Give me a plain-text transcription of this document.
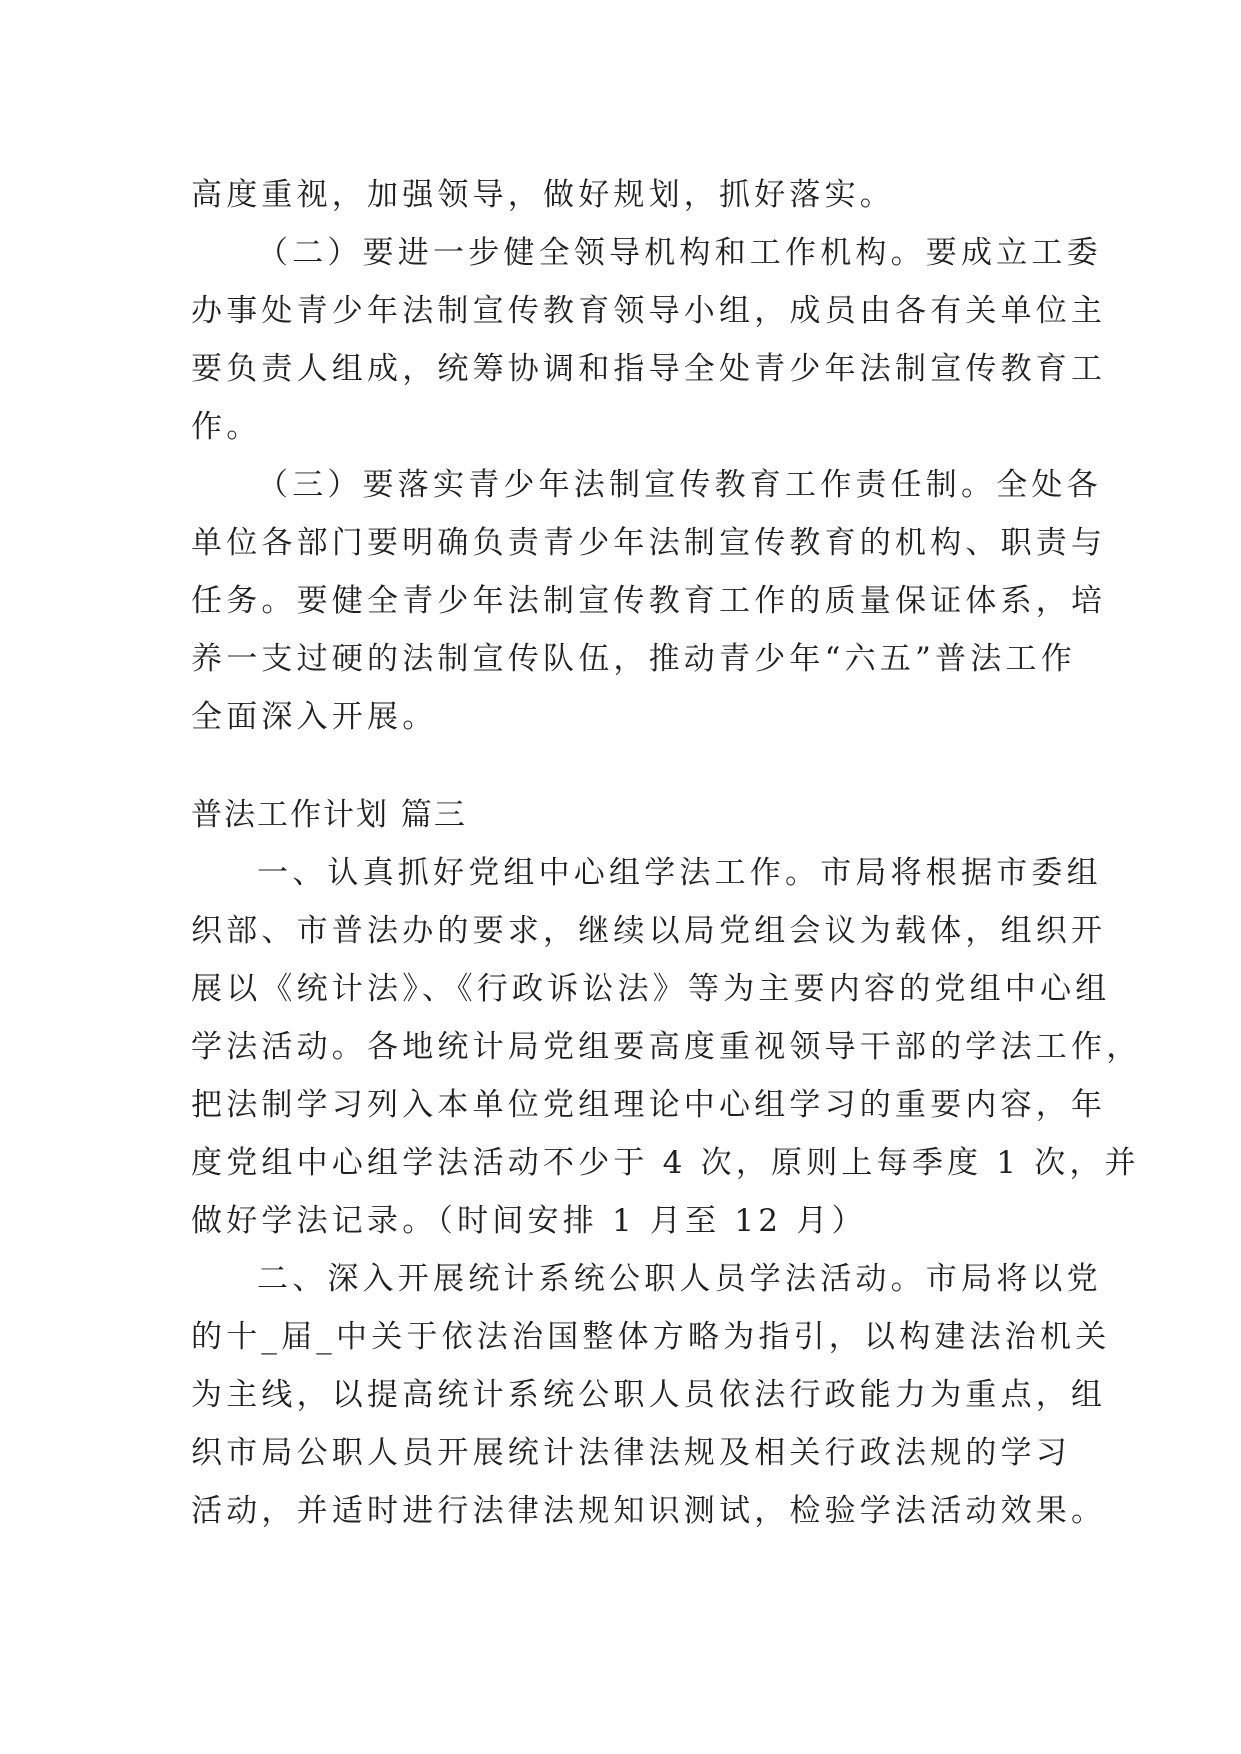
高度重视，加强领导，做好规划，抓好落实。
（二）要进一步健全领导机构和工作机构。要成立工委
办事处青少年法制宣传教育领导小组，成员由各有关单位主
要负责人组成，统筹协调和指导全处青少年法制宣传教育工
作。
（三）要落实青少年法制宣传教育工作责任制。全处各
单位各部门要明确负责青少年法制宣传教育的机构、职责与
任务。要健全青少年法制宣传教育工作的质量保证体系，培
养一支过硬的法制宣传队伍，推动青少年“六五”普法工作
全面深入开展。
普法工作计划 篇三
一、认真抓好党组中心组学法工作。市局将根据市委组
织部、市普法办的要求，继续以局党组会议为载体，组织开
展以《统计法》、《行政诉讼法》等为主要内容的党组中心组
学法活动。各地统计局党组要高度重视领导干部的学法工作，
把法制学习列入本单位党组理论中心组学习的重要内容，年
度党组中心组学法活动不少于 4 次，原则上每季度 1 次，并
做好学法记录。（时间安排 1 月至 12 月）
二、深入开展统计系统公职人员学法活动。市局将以党
的十_届_中关于依法治国整体方略为指引，以构建法治机关
为主线，以提高统计系统公职人员依法行政能力为重点，组
织市局公职人员开展统计法律法规及相关行政法规的学习
活动，并适时进行法律法规知识测试，检验学法活动效果。
